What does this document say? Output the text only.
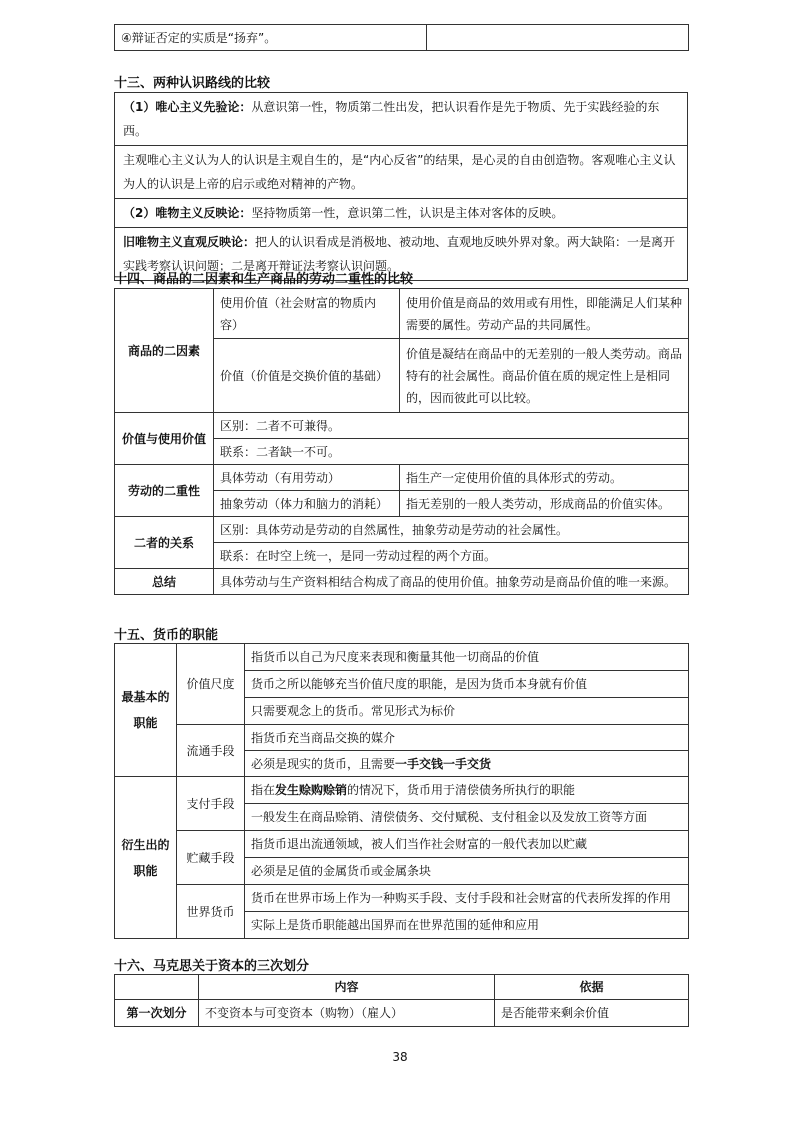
④辩证否定的实质是“扬弃”。	
十三、两种认识路线的比较
（1）唯心主义先验论：从意识第一性，物质第二性出发，把认识看作是先于物质、先于实践经验的东西。
主观唯心主义认为人的认识是主观自生的，是“内心反省”的结果，是心灵的自由创造物。客观唯心主义认为人的认识是上帝的启示或绝对精神的产物。
（2）唯物主义反映论：坚持物质第一性，意识第二性，认识是主体对客体的反映。
旧唯物主义直观反映论：把人的认识看成是消极地、被动地、直观地反映外界对象。两大缺陷：一是离开实践考察认识问题；二是离开辩证法考察认识问题。
十四、商品的二因素和生产商品的劳动二重性的比较
商品的二因素	使用价值（社会财富的物质内容）	使用价值是商品的效用或有用性，即能满足人们某种需要的属性。劳动产品的共同属性。
	价值（价值是交换价值的基础）	价值是凝结在商品中的无差别的一般人类劳动。商品特有的社会属性。商品价值在质的规定性上是相同的，因而彼此可以比较。
价值与使用价值	区别：二者不可兼得。	
	联系：二者缺一不可。	
劳动的二重性	具体劳动（有用劳动）	指生产一定使用价值的具体形式的劳动。
	抽象劳动（体力和脑力的消耗）	指无差别的一般人类劳动，形成商品的价值实体。
二者的关系	区别：具体劳动是劳动的自然属性，抽象劳动是劳动的社会属性。	
	联系：在时空上统一，是同一劳动过程的两个方面。	
总结	具体劳动与生产资料相结合构成了商品的使用价值。抽象劳动是商品价值的唯一来源。	
十五、货币的职能
最基本的职能	价值尺度	指货币以自己为尺度来表现和衡量其他一切商品的价值
		货币之所以能够充当价值尺度的职能，是因为货币本身就有价值
		只需要观念上的货币。常见形式为标价
	流通手段	指货币充当商品交换的媒介
		必须是现实的货币，且需要一手交钱一手交货
衍生出的职能	支付手段	指在发生赊购赊销的情况下，货币用于清偿债务所执行的职能
		一般发生在商品赊销、清偿债务、交付赋税、支付租金以及发放工资等方面
	贮藏手段	指货币退出流通领域，被人们当作社会财富的一般代表加以贮藏
		必须是足值的金属货币或金属条块
	世界货币	货币在世界市场上作为一种购买手段、支付手段和社会财富的代表所发挥的作用
		实际上是货币职能越出国界而在世界范围的延伸和应用
十六、马克思关于资本的三次划分
	内容	依据
第一次划分	不变资本与可变资本（购物）（雇人）	是否能带来剩余价值
38
